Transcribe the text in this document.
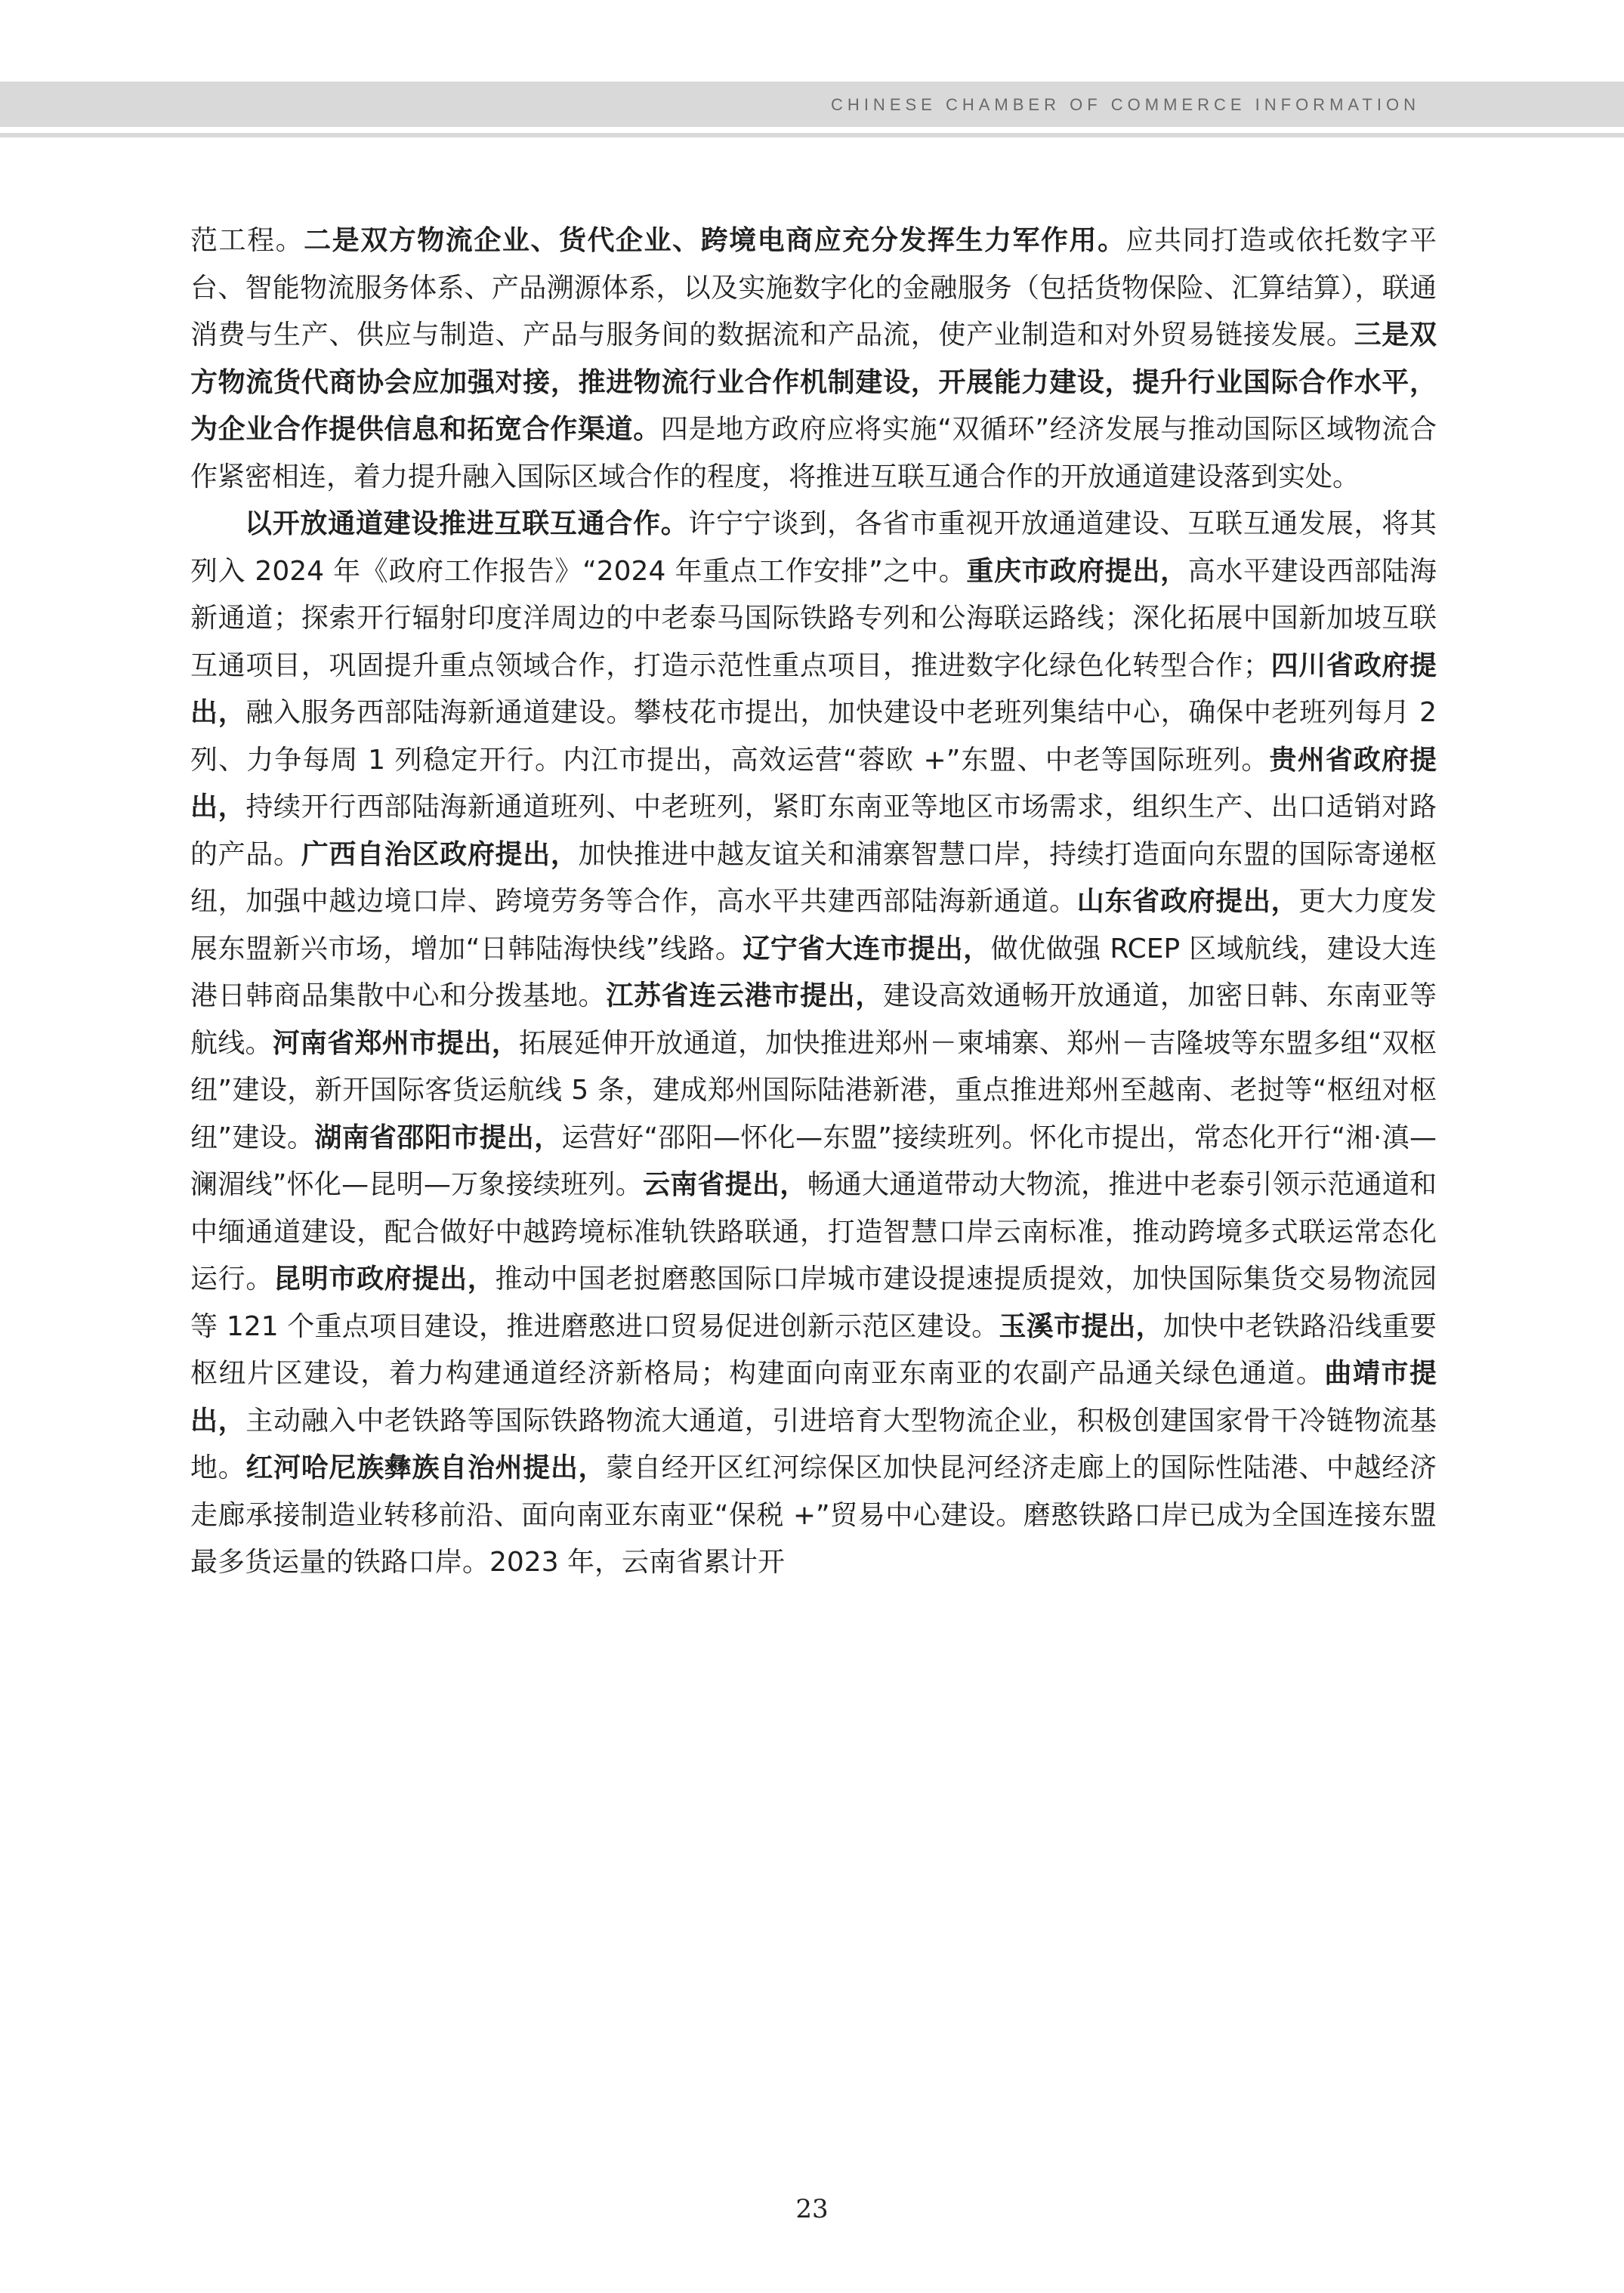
CHINESE CHAMBER OF COMMERCE INFORMATION

范工程。二是双方物流企业、货代企业、跨境电商应充分发挥生力军作用。应共同打造或依托数字平台、智能物流服务体系、产品溯源体系，以及实施数字化的金融服务（包括货物保险、汇算结算），联通消费与生产、供应与制造、产品与服务间的数据流和产品流，使产业制造和对外贸易链接发展。三是双方物流货代商协会应加强对接，推进物流行业合作机制建设，开展能力建设，提升行业国际合作水平，为企业合作提供信息和拓宽合作渠道。四是地方政府应将实施“双循环”经济发展与推动国际区域物流合作紧密相连，着力提升融入国际区域合作的程度，将推进互联互通合作的开放通道建设落到实处。

以开放通道建设推进互联互通合作。许宁宁谈到，各省市重视开放通道建设、互联互通发展，将其列入 2024 年《政府工作报告》“2024 年重点工作安排”之中。重庆市政府提出，高水平建设西部陆海新通道；探索开行辐射印度洋周边的中老泰马国际铁路专列和公海联运路线；深化拓展中国新加坡互联互通项目，巩固提升重点领域合作，打造示范性重点项目，推进数字化绿色化转型合作；四川省政府提出，融入服务西部陆海新通道建设。攀枝花市提出，加快建设中老班列集结中心，确保中老班列每月 2 列、力争每周 1 列稳定开行。内江市提出，高效运营“蓉欧 +”东盟、中老等国际班列。贵州省政府提出，持续开行西部陆海新通道班列、中老班列，紧盯东南亚等地区市场需求，组织生产、出口适销对路的产品。广西自治区政府提出，加快推进中越友谊关和浦寨智慧口岸，持续打造面向东盟的国际寄递枢纽，加强中越边境口岸、跨境劳务等合作，高水平共建西部陆海新通道。山东省政府提出，更大力度发展东盟新兴市场，增加“日韩陆海快线”线路。辽宁省大连市提出，做优做强 RCEP 区域航线，建设大连港日韩商品集散中心和分拨基地。江苏省连云港市提出，建设高效通畅开放通道，加密日韩、东南亚等航线。河南省郑州市提出，拓展延伸开放通道，加快推进郑州－柬埔寨、郑州－吉隆坡等东盟多组“双枢纽”建设，新开国际客货运航线 5 条，建成郑州国际陆港新港，重点推进郑州至越南、老挝等“枢纽对枢纽”建设。湖南省邵阳市提出，运营好“邵阳—怀化—东盟”接续班列。怀化市提出，常态化开行“湘·滇—澜湄线”怀化—昆明—万象接续班列。云南省提出，畅通大通道带动大物流，推进中老泰引领示范通道和中缅通道建设，配合做好中越跨境标准轨铁路联通，打造智慧口岸云南标准，推动跨境多式联运常态化运行。昆明市政府提出，推动中国老挝磨憨国际口岸城市建设提速提质提效，加快国际集货交易物流园等 121 个重点项目建设，推进磨憨进口贸易促进创新示范区建设。玉溪市提出，加快中老铁路沿线重要枢纽片区建设，着力构建通道经济新格局；构建面向南亚东南亚的农副产品通关绿色通道。曲靖市提出，主动融入中老铁路等国际铁路物流大通道，引进培育大型物流企业，积极创建国家骨干冷链物流基地。红河哈尼族彝族自治州提出，蒙自经开区红河综保区加快昆河经济走廊上的国际性陆港、中越经济走廊承接制造业转移前沿、面向南亚东南亚“保税 +”贸易中心建设。磨憨铁路口岸已成为全国连接东盟最多货运量的铁路口岸。2023 年，云南省累计开

23
